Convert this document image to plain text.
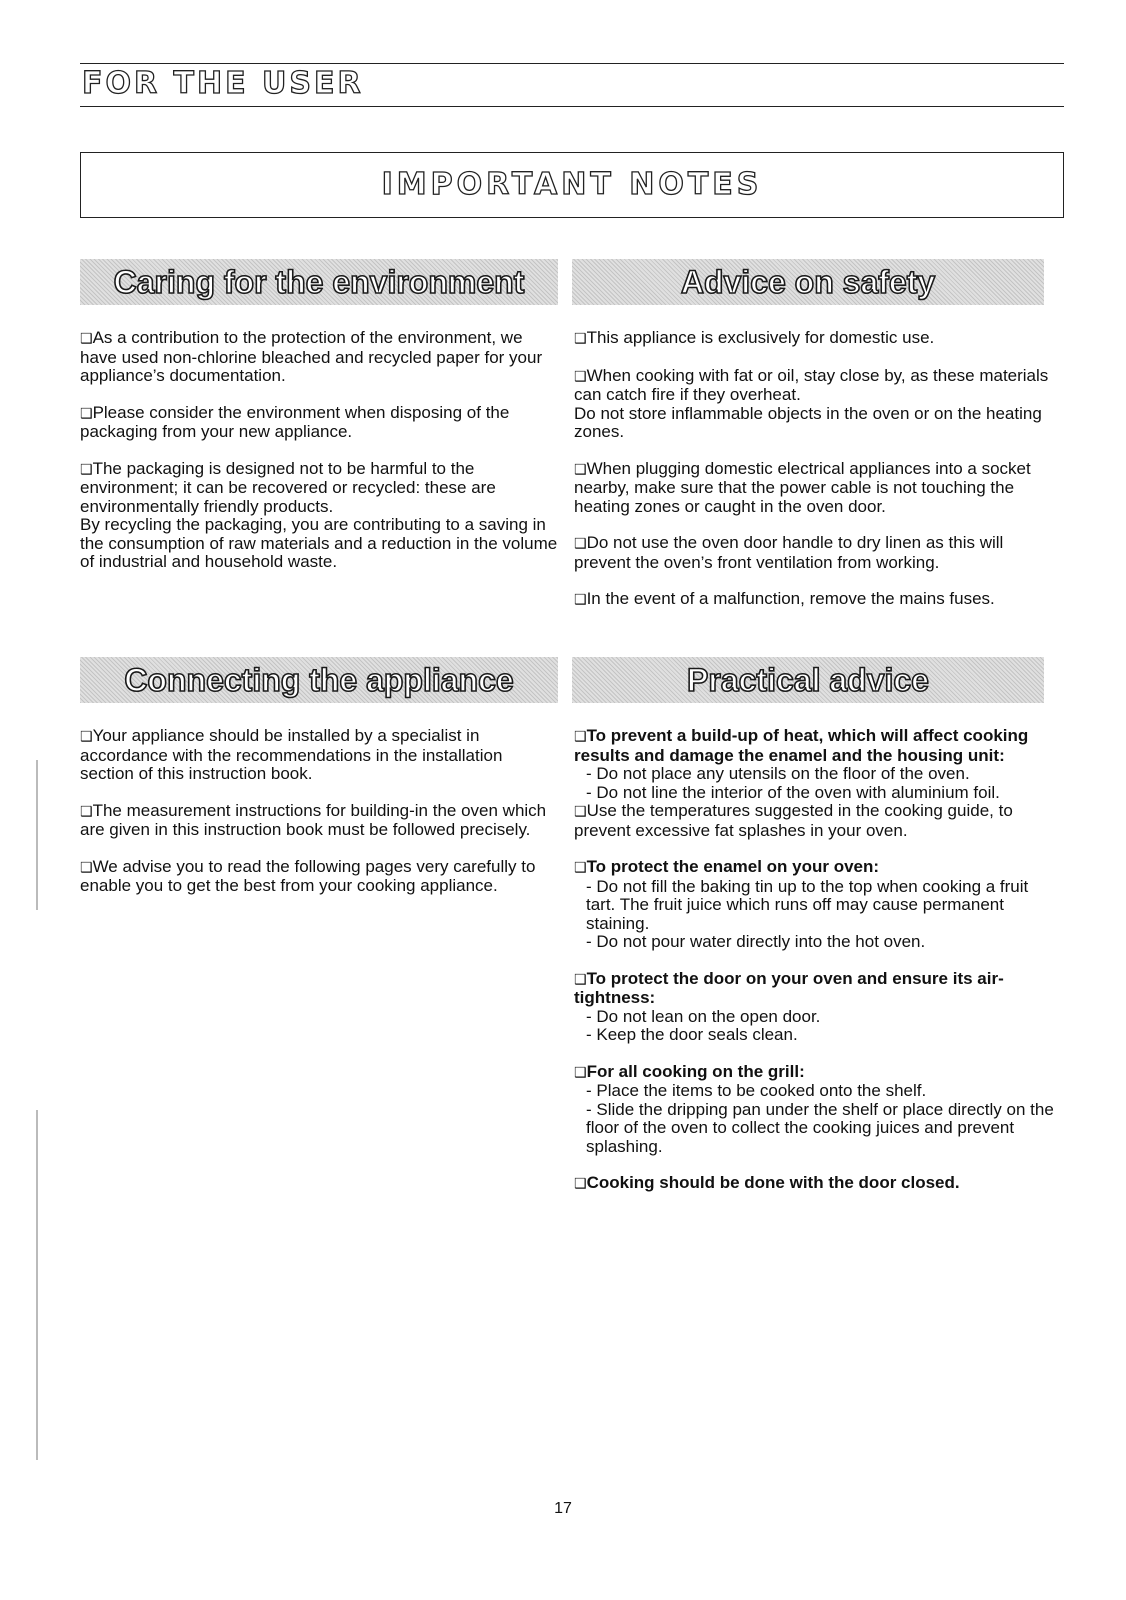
FOR THE USER
IMPORTANT NOTES
Caring for the environment	Advice on safety

❑As a contribution to the protection of the environment, we have used non-chlorine bleached and recycled paper for your appliance’s documentation.

❑Please consider the environment when disposing of the packaging from your new appliance.

❑The packaging is designed not to be harmful to the environment; it can be recovered or recycled: these are environmentally friendly products.

By recycling the packaging, you are contributing to a saving in the consumption of raw materials and a reduction in the volume of industrial and household waste.

❑This appliance is exclusively for domestic use.

❑When cooking with fat or oil, stay close by, as these materials can catch fire if they overheat.

Do not store inflammable objects in the oven or on the heating zones.

❑When plugging domestic electrical appliances into a socket nearby, make sure that the power cable is not touching the heating zones or caught in the oven door.

❑Do not use the oven door handle to dry linen as this will prevent the oven’s front ventilation from working.

❑In the event of a malfunction, remove the mains fuses.

Connecting the appliance	Practical advice

❑Your appliance should be installed by a specialist in accordance with the recommendations in the installation section of this instruction book.

❑The measurement instructions for building-in the oven which are given in this instruction book must be followed precisely.

❑We advise you to read the following pages very carefully to enable you to get the best from your cooking appliance.

❑To prevent a build-up of heat, which will affect cooking results and damage the enamel and the housing unit:

- Do not place any utensils on the floor of the oven.
- Do not line the interior of the oven with aluminium foil.

❑Use the temperatures suggested in the cooking guide, to prevent excessive fat splashes in your oven.

❑To protect the enamel on your oven:

- Do not fill the baking tin up to the top when cooking a fruit tart. The fruit juice which runs off may cause permanent staining.
- Do not pour water directly into the hot oven.

❑To protect the door on your oven and ensure its air-tightness:

- Do not lean on the open door.
- Keep the door seals clean.

❑For all cooking on the grill:

- Place the items to be cooked onto the shelf.
- Slide the dripping pan under the shelf or place directly on the floor of the oven to collect the cooking juices and prevent splashing.

❑Cooking should be done with the door closed.

17
